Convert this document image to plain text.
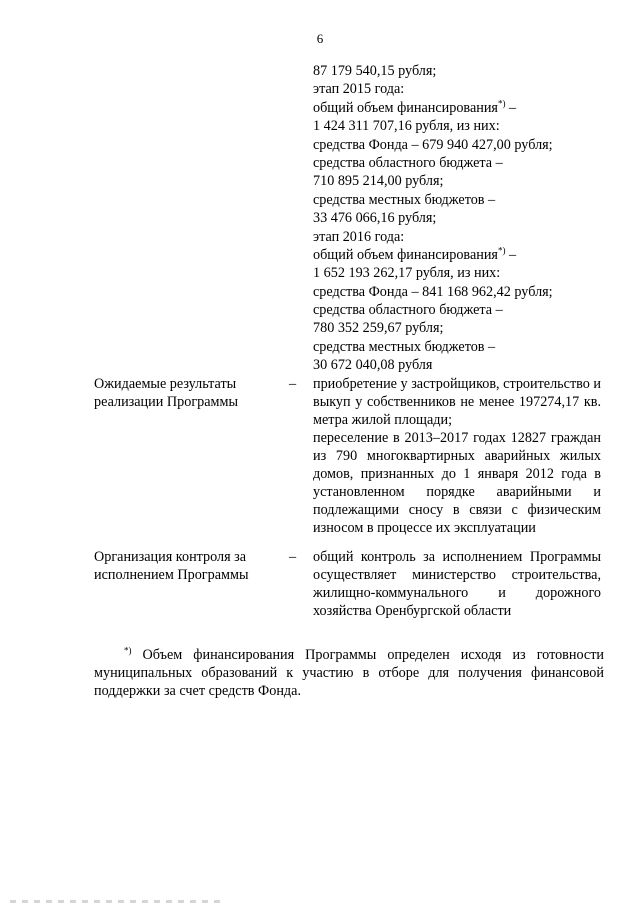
6
87 179 540,15 рубля;
этап 2015 года:
общий объем финансирования*) –
1 424 311 707,16 рубля, из них:
средства Фонда – 679 940 427,00 рубля;
средства областного бюджета –
710 895 214,00 рубля;
средства местных бюджетов –
33 476 066,16 рубля;
этап 2016 года:
общий объем финансирования*) –
1 652 193 262,17 рубля, из них:
средства Фонда – 841 168 962,42 рубля;
средства областного бюджета –
780 352 259,67 рубля;
средства местных бюджетов –
30 672 040,08 рубля
Ожидаемые результаты реализации Программы
– приобретение у застройщиков, строительство и выкуп у собственников не менее 197274,17 кв. метра жилой площади;

переселение в 2013–2017 годах 12827 граждан из 790 многоквартирных аварийных жилых домов, признанных до 1 января 2012 года в установленном порядке аварийными и подлежащими сносу в связи с физическим износом в процессе их эксплуатации

Организация контроля за исполнением Программы
– общий контроль за исполнением Программы осуществляет министерство строительства, жилищно-коммунального и дорожного хозяйства Оренбургской области

*) Объем финансирования Программы определен исходя из готовности муниципальных образований к участию в отборе для получения финансовой поддержки за счет средств Фонда.
